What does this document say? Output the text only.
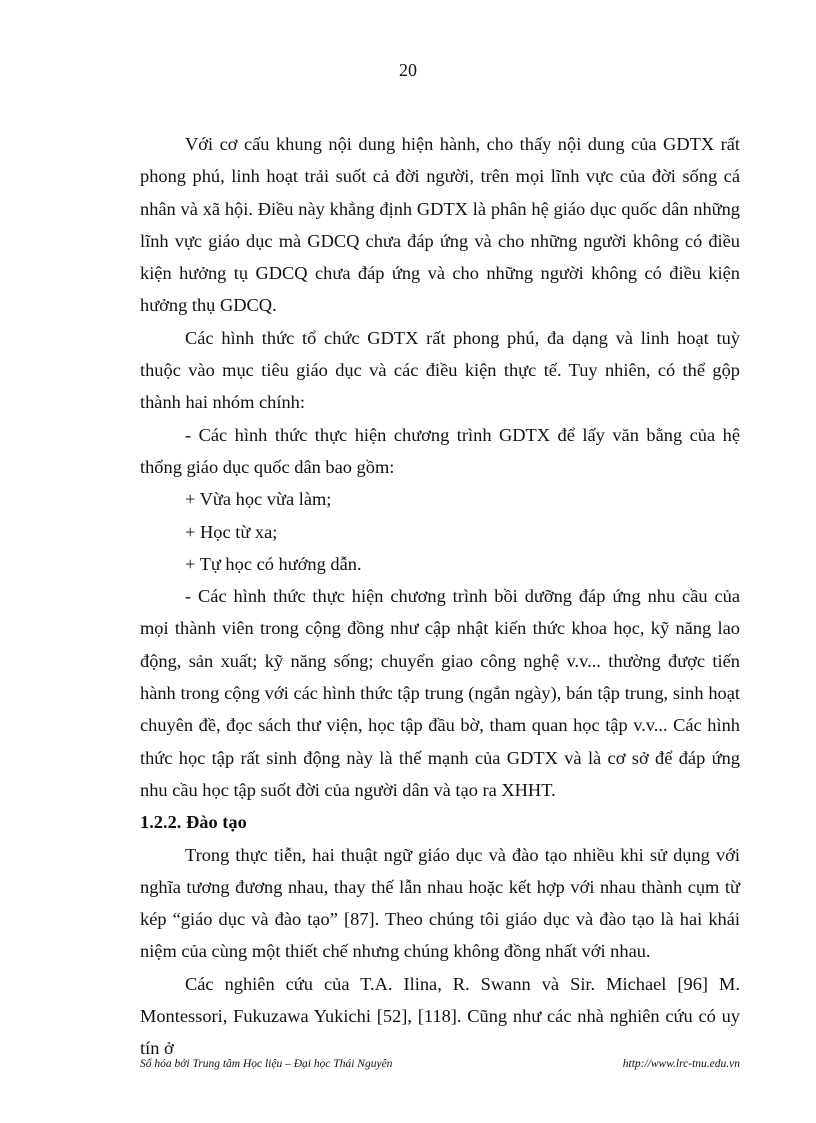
20

Với cơ cấu khung nội dung hiện hành, cho thấy nội dung của GDTX rất phong phú, linh hoạt trải suốt cả đời người, trên mọi lĩnh vực của đời sống cá nhân và xã hội. Điều này khẳng định GDTX là phân hệ giáo dục quốc dân những lĩnh vực giáo dục mà GDCQ chưa đáp ứng và cho những người không có điều kiện hưởng tụ GDCQ chưa đáp ứng và cho những người không có điều kiện hưởng thụ GDCQ.

Các hình thức tổ chức GDTX rất phong phú, đa dạng và linh hoạt tuỳ thuộc vào mục tiêu giáo dục và các điều kiện thực tế. Tuy nhiên, có thể gộp thành hai nhóm chính:

- Các hình thức thực hiện chương trình GDTX để lấy văn bằng của hệ thống giáo dục quốc dân bao gồm:

+ Vừa học vừa làm;

+ Học từ xa;

+ Tự học có hướng dẫn.

- Các hình thức thực hiện chương trình bồi dưỡng đáp ứng nhu cầu của mọi thành viên trong cộng đồng như cập nhật kiến thức khoa học, kỹ năng lao động, sản xuất; kỹ năng sống; chuyển giao công nghệ v.v... thường được tiến hành trong cộng với các hình thức tập trung (ngắn ngày), bán tập trung, sinh hoạt chuyên đề, đọc sách thư viện, học tập đầu bờ, tham quan học tập v.v... Các hình thức học tập rất sinh động này là thế mạnh của GDTX và là cơ sở để đáp ứng nhu cầu học tập suốt đời của người dân và tạo ra XHHT.

1.2.2. Đào tạo

Trong thực tiễn, hai thuật ngữ giáo dục và đào tạo nhiều khi sử dụng với nghĩa tương đương nhau, thay thế lẫn nhau hoặc kết hợp với nhau thành cụm từ kép “giáo dục và đào tạo” [87]. Theo chúng tôi giáo dục và đào tạo là hai khái niệm của cùng một thiết chế nhưng chúng không đồng nhất với nhau.

Các nghiên cứu của T.A. Ilina, R. Swann và Sir. Michael [96] M. Montessori, Fukuzawa Yukichi [52], [118]. Cũng như các nhà nghiên cứu có uy tín ở

Số hóa bởi Trung tâm Học liệu – Đại học Thái Nguyên	http://www.lrc-tnu.edu.vn
